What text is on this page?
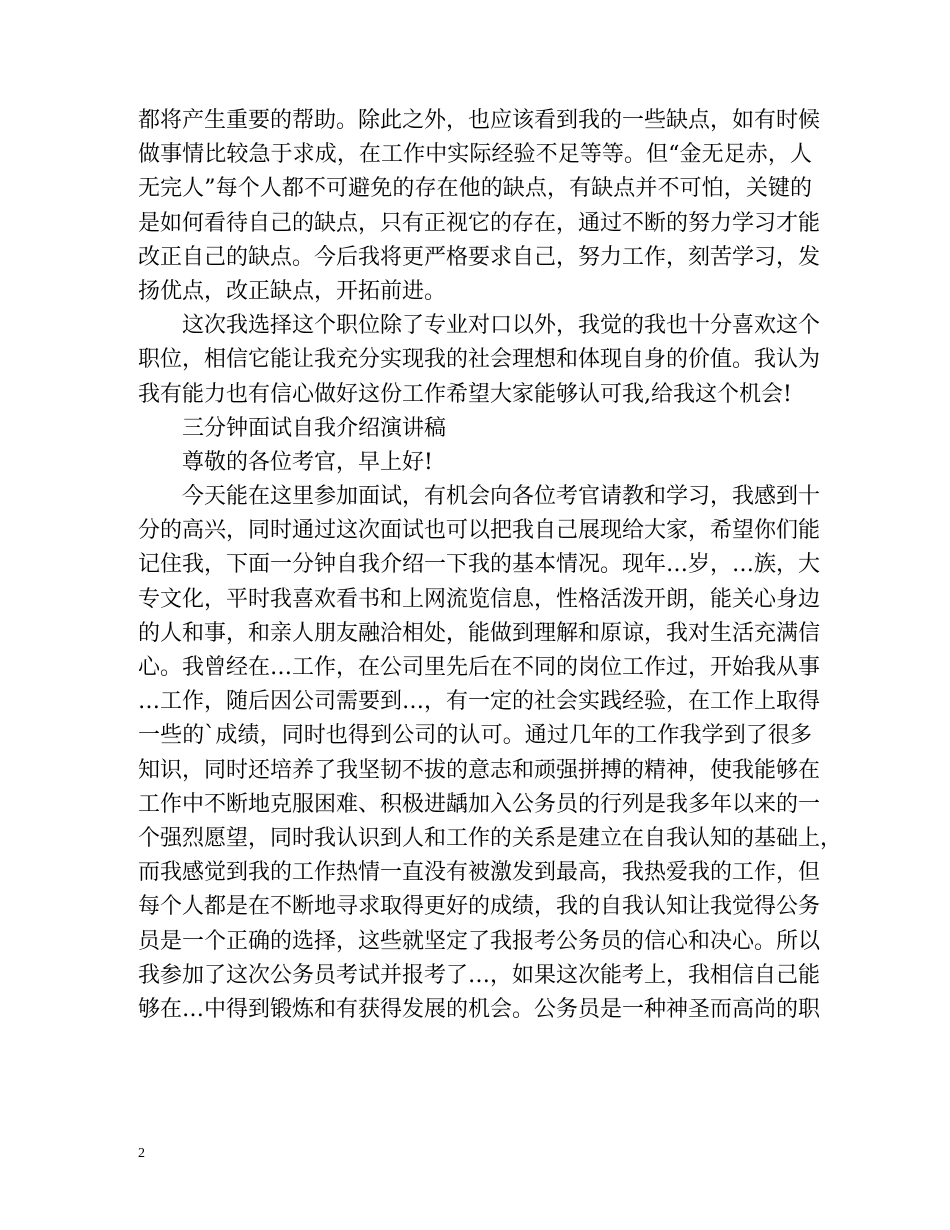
都将产生重要的帮助。除此之外，也应该看到我的一些缺点，如有时候
做事情比较急于求成，在工作中实际经验不足等等。但“金无足赤，人
无完人”每个人都不可避免的存在他的缺点，有缺点并不可怕，关键的
是如何看待自己的缺点，只有正视它的存在，通过不断的努力学习才能
改正自己的缺点。今后我将更严格要求自己，努力工作，刻苦学习，发
扬优点，改正缺点，开拓前进。
这次我选择这个职位除了专业对口以外，我觉的我也十分喜欢这个
职位，相信它能让我充分实现我的社会理想和体现自身的价值。我认为
我有能力也有信心做好这份工作希望大家能够认可我,给我这个机会!
三分钟面试自我介绍演讲稿
尊敬的各位考官，早上好!
今天能在这里参加面试，有机会向各位考官请教和学习，我感到十
分的高兴，同时通过这次面试也可以把我自己展现给大家，希望你们能
记住我，下面一分钟自我介绍一下我的基本情况。现年…岁，…族，大
专文化，平时我喜欢看书和上网流览信息，性格活泼开朗，能关心身边
的人和事，和亲人朋友融洽相处，能做到理解和原谅，我对生活充满信
心。我曾经在…工作，在公司里先后在不同的岗位工作过，开始我从事
…工作，随后因公司需要到…，有一定的社会实践经验，在工作上取得
一些的`成绩，同时也得到公司的认可。通过几年的工作我学到了很多
知识，同时还培养了我坚韧不拔的意志和顽强拼搏的精神，使我能够在
工作中不断地克服困难、积极进龋加入公务员的行列是我多年以来的一
个强烈愿望，同时我认识到人和工作的关系是建立在自我认知的基础上，
而我感觉到我的工作热情一直没有被激发到最高，我热爱我的工作，但
每个人都是在不断地寻求取得更好的成绩，我的自我认知让我觉得公务
员是一个正确的选择，这些就坚定了我报考公务员的信心和决心。所以
我参加了这次公务员考试并报考了…，如果这次能考上，我相信自己能
够在…中得到锻炼和有获得发展的机会。公务员是一种神圣而高尚的职
2
